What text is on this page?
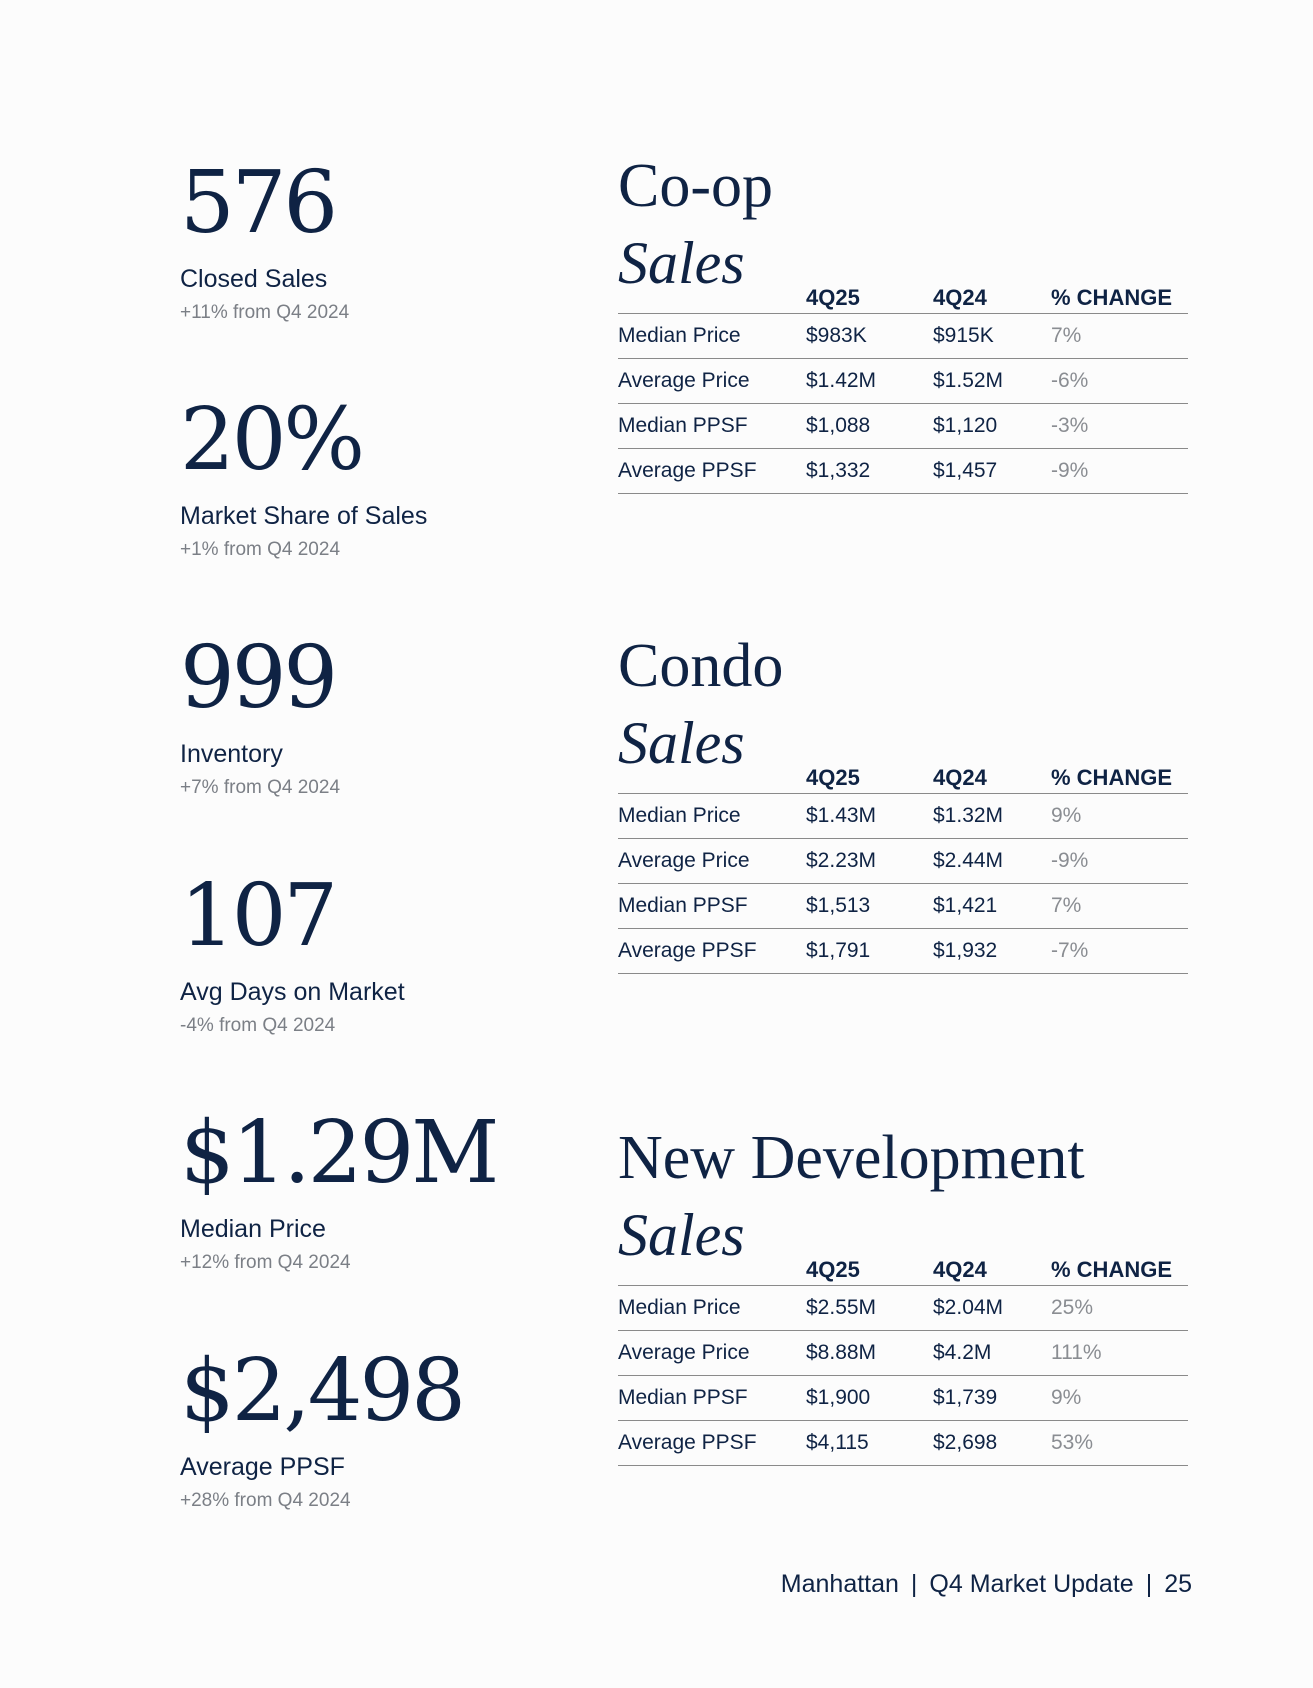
576
Closed Sales
+11% from Q4 2024
20%
Market Share of Sales
+1% from Q4 2024
999
Inventory
+7% from Q4 2024
107
Avg Days on Market
-4% from Q4 2024
$1.29M
Median Price
+12% from Q4 2024
$2,498
Average PPSF
+28% from Q4 2024
Co-op
Sales
	4Q25	4Q24	% CHANGE
Median Price	$983K	$915K	7%
Average Price	$1.42M	$1.52M	-6%
Median PPSF	$1,088	$1,120	-3%
Average PPSF	$1,332	$1,457	-9%
Condo
Sales
	4Q25	4Q24	% CHANGE
Median Price	$1.43M	$1.32M	9%
Average Price	$2.23M	$2.44M	-9%
Median PPSF	$1,513	$1,421	7%
Average PPSF	$1,791	$1,932	-7%
New Development
Sales
	4Q25	4Q24	% CHANGE
Median Price	$2.55M	$2.04M	25%
Average Price	$8.88M	$4.2M	111%
Median PPSF	$1,900	$1,739	9%
Average PPSF	$4,115	$2,698	53%
Manhattan | Q4 Market Update | 25
